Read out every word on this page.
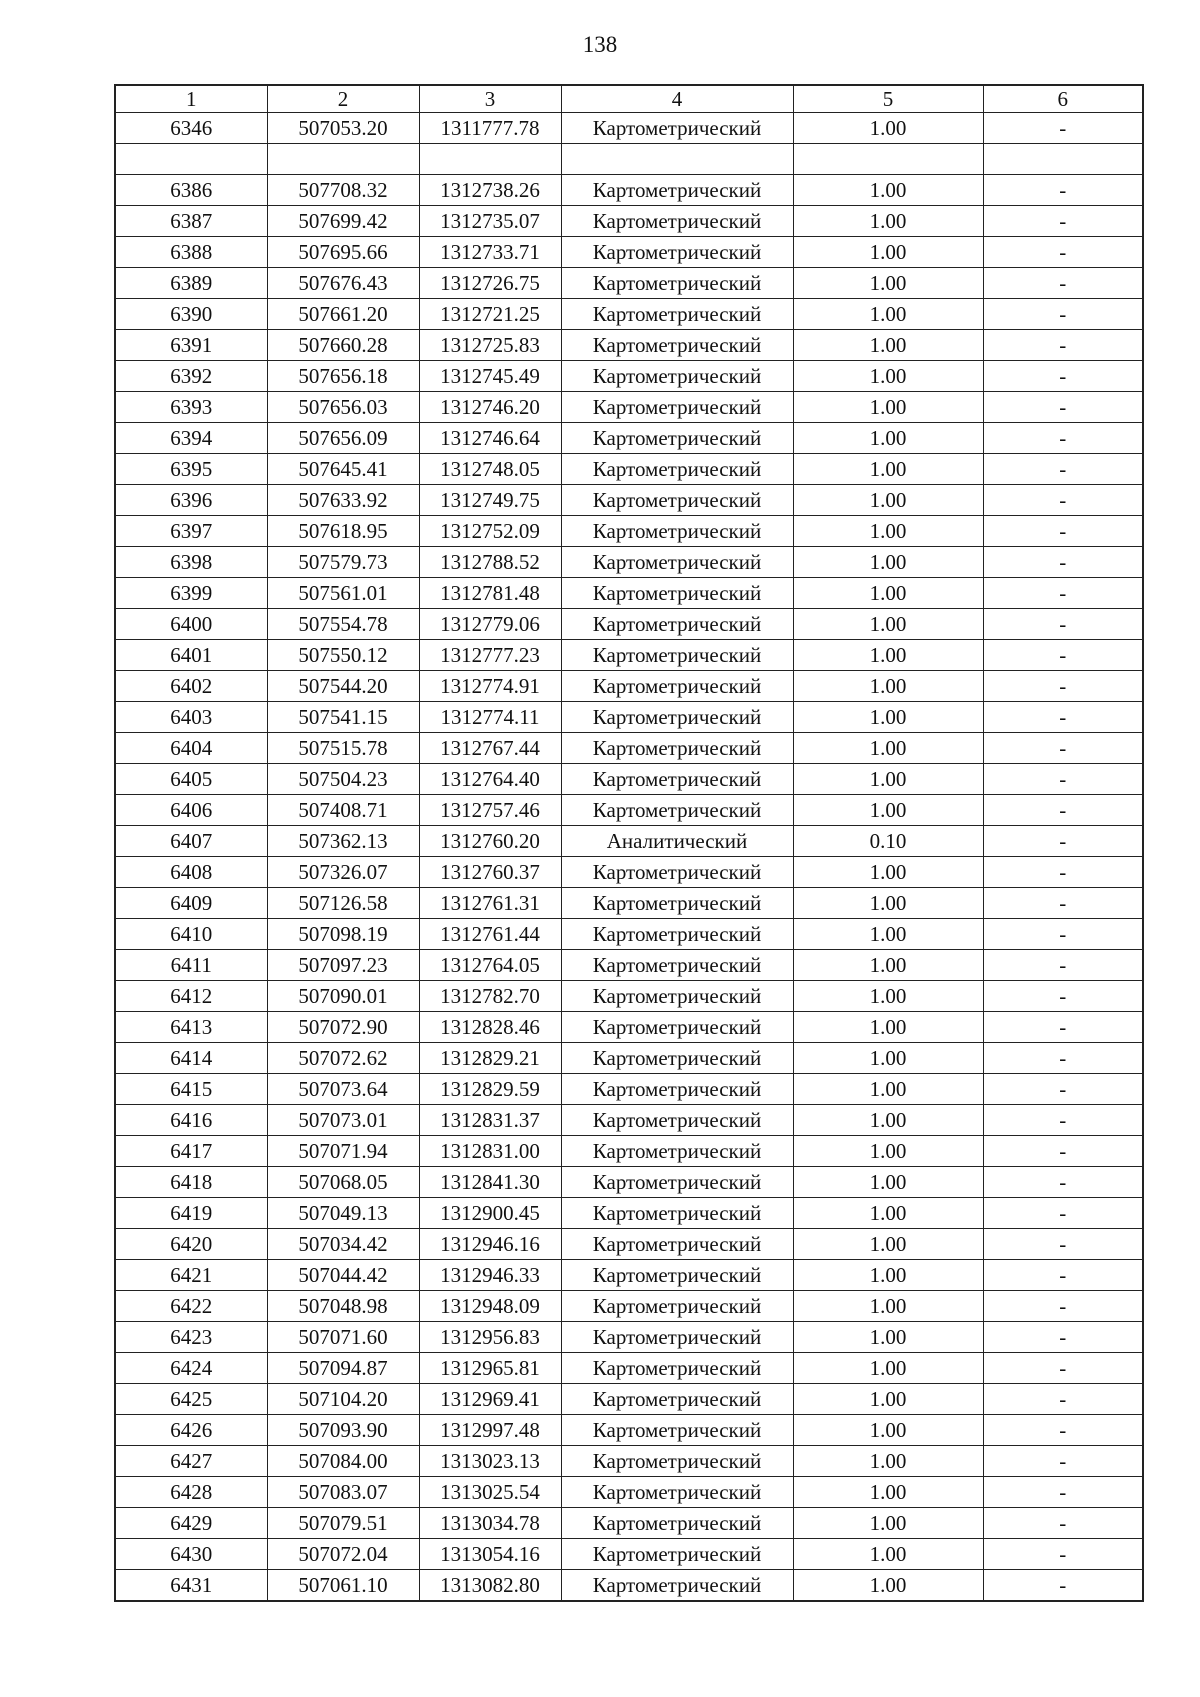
138
1	2	3	4	5	6
6346	507053.20	1311777.78	Картометрический	1.00	-

6386	507708.32	1312738.26	Картометрический	1.00	-
6387	507699.42	1312735.07	Картометрический	1.00	-
6388	507695.66	1312733.71	Картометрический	1.00	-
6389	507676.43	1312726.75	Картометрический	1.00	-
6390	507661.20	1312721.25	Картометрический	1.00	-
6391	507660.28	1312725.83	Картометрический	1.00	-
6392	507656.18	1312745.49	Картометрический	1.00	-
6393	507656.03	1312746.20	Картометрический	1.00	-
6394	507656.09	1312746.64	Картометрический	1.00	-
6395	507645.41	1312748.05	Картометрический	1.00	-
6396	507633.92	1312749.75	Картометрический	1.00	-
6397	507618.95	1312752.09	Картометрический	1.00	-
6398	507579.73	1312788.52	Картометрический	1.00	-
6399	507561.01	1312781.48	Картометрический	1.00	-
6400	507554.78	1312779.06	Картометрический	1.00	-
6401	507550.12	1312777.23	Картометрический	1.00	-
6402	507544.20	1312774.91	Картометрический	1.00	-
6403	507541.15	1312774.11	Картометрический	1.00	-
6404	507515.78	1312767.44	Картометрический	1.00	-
6405	507504.23	1312764.40	Картометрический	1.00	-
6406	507408.71	1312757.46	Картометрический	1.00	-
6407	507362.13	1312760.20	Аналитический	0.10	-
6408	507326.07	1312760.37	Картометрический	1.00	-
6409	507126.58	1312761.31	Картометрический	1.00	-
6410	507098.19	1312761.44	Картометрический	1.00	-
6411	507097.23	1312764.05	Картометрический	1.00	-
6412	507090.01	1312782.70	Картометрический	1.00	-
6413	507072.90	1312828.46	Картометрический	1.00	-
6414	507072.62	1312829.21	Картометрический	1.00	-
6415	507073.64	1312829.59	Картометрический	1.00	-
6416	507073.01	1312831.37	Картометрический	1.00	-
6417	507071.94	1312831.00	Картометрический	1.00	-
6418	507068.05	1312841.30	Картометрический	1.00	-
6419	507049.13	1312900.45	Картометрический	1.00	-
6420	507034.42	1312946.16	Картометрический	1.00	-
6421	507044.42	1312946.33	Картометрический	1.00	-
6422	507048.98	1312948.09	Картометрический	1.00	-
6423	507071.60	1312956.83	Картометрический	1.00	-
6424	507094.87	1312965.81	Картометрический	1.00	-
6425	507104.20	1312969.41	Картометрический	1.00	-
6426	507093.90	1312997.48	Картометрический	1.00	-
6427	507084.00	1313023.13	Картометрический	1.00	-
6428	507083.07	1313025.54	Картометрический	1.00	-
6429	507079.51	1313034.78	Картометрический	1.00	-
6430	507072.04	1313054.16	Картометрический	1.00	-
6431	507061.10	1313082.80	Картометрический	1.00	-
